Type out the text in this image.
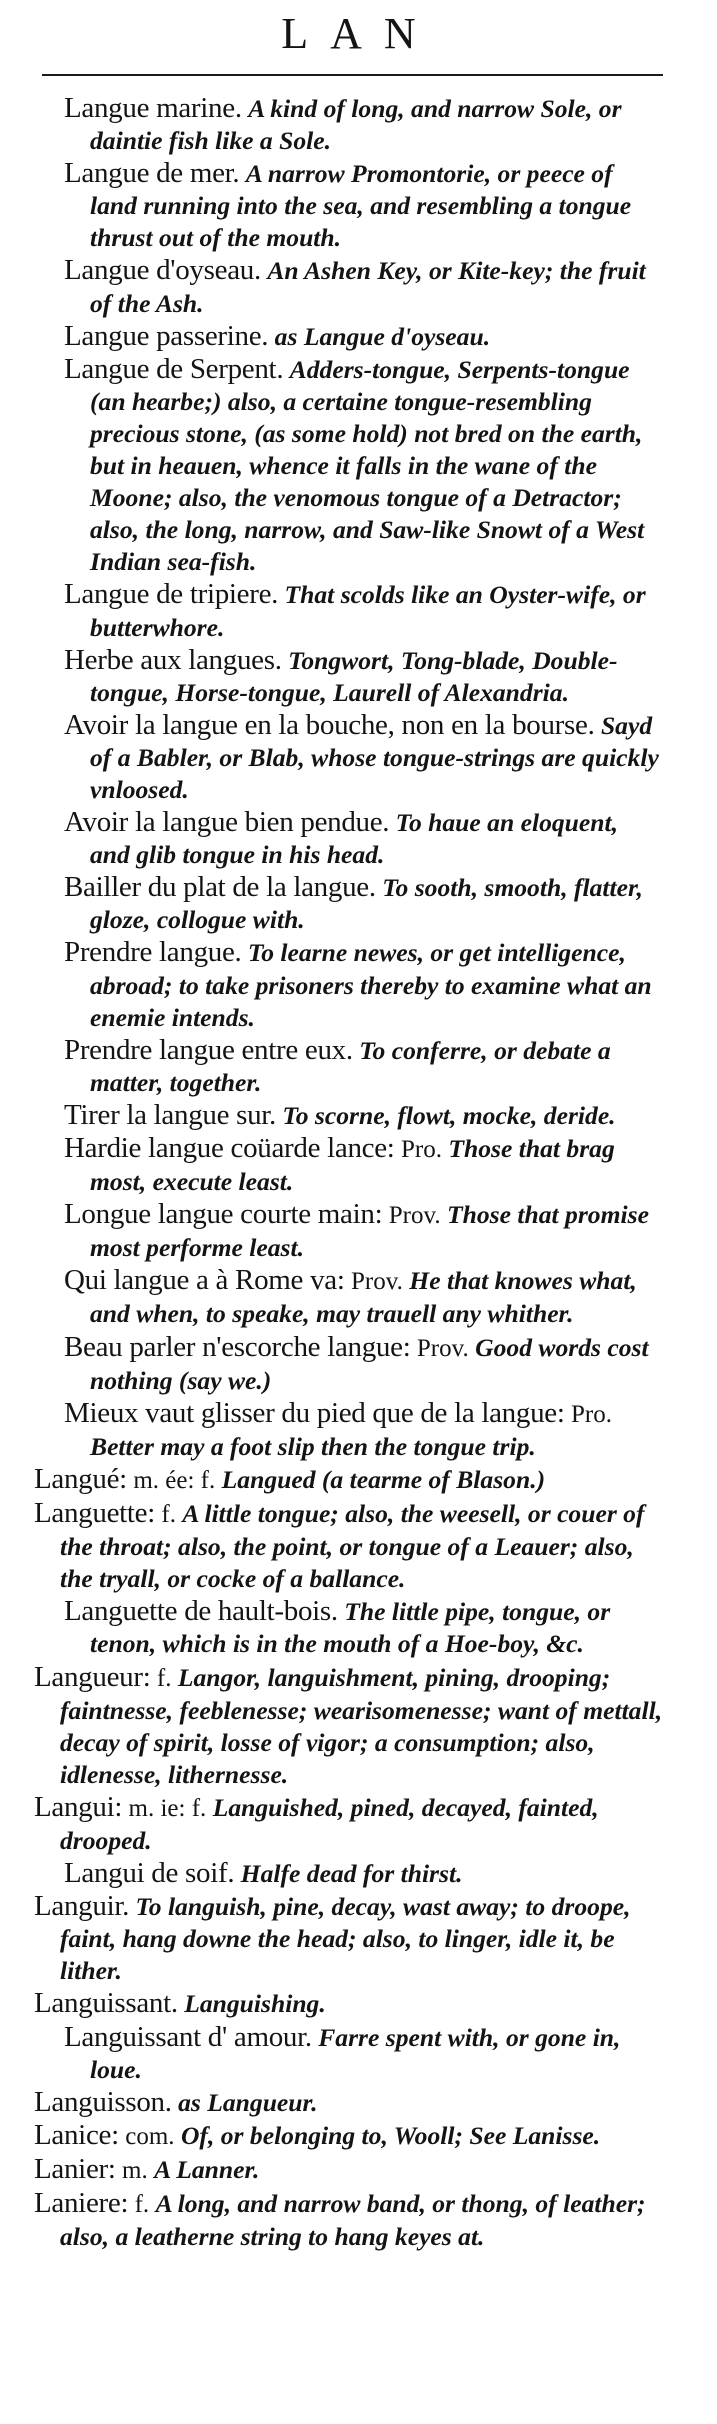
LAN

Langue marine. A kind of long, and narrow Sole, or daintie fish like a Sole.

Langue de mer. A narrow Promontorie, or peece of land running into the sea, and resembling a tongue thrust out of the mouth.

Langue d'oyseau. An Ashen Key, or Kite-key; the fruit of the Ash.

Langue passerine. as Langue d'oyseau.

Langue de Serpent. Adders-tongue, Serpents-tongue (an hearbe;) also, a certaine tongue-resembling precious stone, (as some hold) not bred on the earth, but in heauen, whence it falls in the wane of the Moone; also, the venomous tongue of a Detractor; also, the long, narrow, and Saw-like Snowt of a West Indian sea-fish.

Langue de tripiere. That scolds like an Oyster-wife, or butterwhore.

Herbe aux langues. Tongwort, Tong-blade, Double-tongue, Horse-tongue, Laurell of Alexandria.

Avoir la langue en la bouche, non en la bourse. Sayd of a Babler, or Blab, whose tongue-strings are quickly vnloosed.

Avoir la langue bien pendue. To haue an eloquent, and glib tongue in his head.

Bailler du plat de la langue. To sooth, smooth, flatter, gloze, collogue with.

Prendre langue. To learne newes, or get intelligence, abroad; to take prisoners thereby to examine what an enemie intends.

Prendre langue entre eux. To conferre, or debate a matter, together.

Tirer la langue sur. To scorne, flowt, mocke, deride.

Hardie langue coüarde lance: Pro. Those that brag most, execute least.

Longue langue courte main: Prov. Those that promise most performe least.

Qui langue a à Rome va: Prov. He that knowes what, and when, to speake, may trauell any whither.

Beau parler n'escorche langue: Prov. Good words cost nothing (say we.)

Mieux vaut glisser du pied que de la langue: Pro. Better may a foot slip then the tongue trip.

Langué: m. ée: f. Langued (a tearme of Blason.)

Languette: f. A little tongue; also, the weesell, or couer of the throat; also, the point, or tongue of a Leauer; also, the tryall, or cocke of a ballance.

Languette de hault-bois. The little pipe, tongue, or tenon, which is in the mouth of a Hoe-boy, &c.

Langueur: f. Langor, languishment, pining, drooping; faintnesse, feeblenesse; wearisomenesse; want of mettall, decay of spirit, losse of vigor; a consumption; also, idlenesse, lithernesse.

Langui: m. ie: f. Languished, pined, decayed, fainted, drooped.

Langui de soif. Halfe dead for thirst.

Languir. To languish, pine, decay, wast away; to droope, faint, hang downe the head; also, to linger, idle it, be lither.

Languissant. Languishing.

Languissant d' amour. Farre spent with, or gone in, loue.

Languisson. as Langueur.

Lanice: com. Of, or belonging to, Wooll; See Lanisse.

Lanier: m. A Lanner.

Laniere: f. A long, and narrow band, or thong, of leather; also, a leatherne string to hang keyes at.
